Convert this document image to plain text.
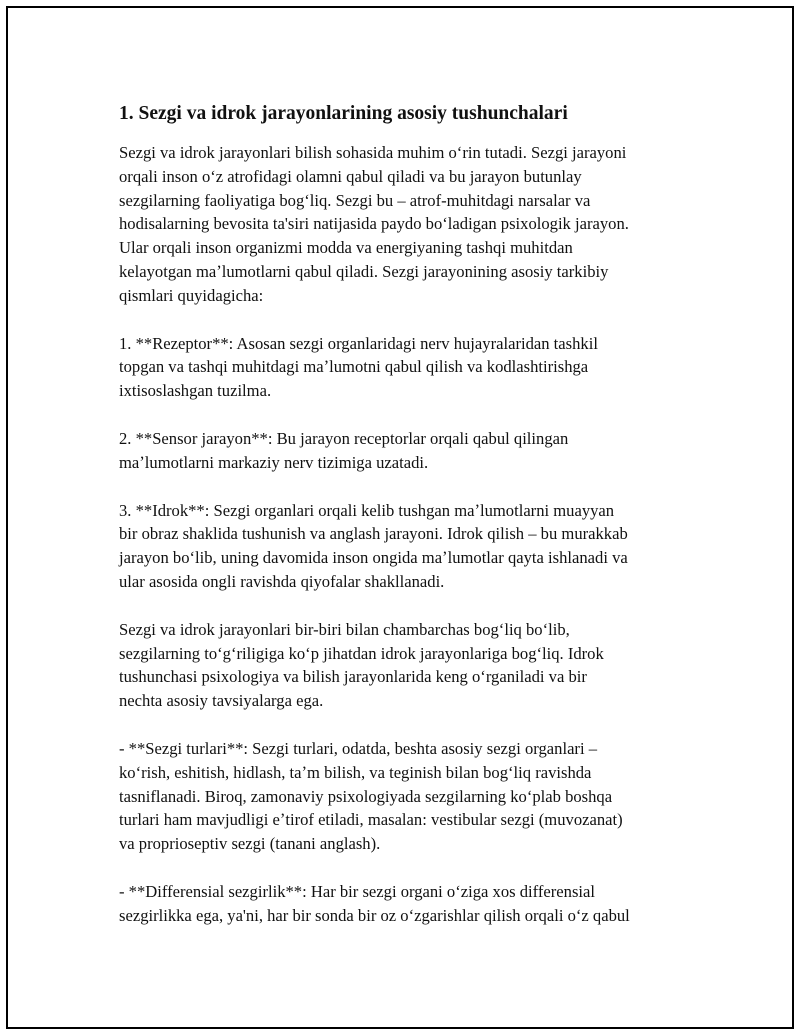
1. Sezgi va idrok jarayonlarining asosiy tushunchalari
Sezgi va idrok jarayonlari bilish sohasida muhim oʻrin tutadi. Sezgi jarayoni
orqali inson oʻz atrofidagi olamni qabul qiladi va bu jarayon butunlay
sezgilarning faoliyatiga bogʻliq. Sezgi bu – atrof-muhitdagi narsalar va
hodisalarning bevosita ta'siri natijasida paydo boʻladigan psixologik jarayon.
Ular orqali inson organizmi modda va energiyaning tashqi muhitdan
kelayotgan maʼlumotlarni qabul qiladi. Sezgi jarayonining asosiy tarkibiy
qismlari quyidagicha:
1. **Rezeptor**: Asosan sezgi organlaridagi nerv hujayralaridan tashkil
topgan va tashqi muhitdagi maʼlumotni qabul qilish va kodlashtirishga
ixtisoslashgan tuzilma.
2. **Sensor jarayon**: Bu jarayon receptorlar orqali qabul qilingan
maʼlumotlarni markaziy nerv tizimiga uzatadi.
3. **Idrok**: Sezgi organlari orqali kelib tushgan maʼlumotlarni muayyan
bir obraz shaklida tushunish va anglash jarayoni. Idrok qilish – bu murakkab
jarayon boʻlib, uning davomida inson ongida maʼlumotlar qayta ishlanadi va
ular asosida ongli ravishda qiyofalar shakllanadi.
Sezgi va idrok jarayonlari bir-biri bilan chambarchas bogʻliq boʻlib,
sezgilarning toʻgʻriligiga koʻp jihatdan idrok jarayonlariga bogʻliq. Idrok
tushunchasi psixologiya va bilish jarayonlarida keng oʻrganiladi va bir
nechta asosiy tavsiyalarga ega.
- **Sezgi turlari**: Sezgi turlari, odatda, beshta asosiy sezgi organlari –
koʻrish, eshitish, hidlash, taʼm bilish, va teginish bilan bogʻliq ravishda
tasniflanadi. Biroq, zamonaviy psixologiyada sezgilarning koʻplab boshqa
turlari ham mavjudligi eʼtirof etiladi, masalan: vestibular sezgi (muvozanat)
va proprioseptiv sezgi (tanani anglash).
- **Differensial sezgirlik**: Har bir sezgi organi oʻziga xos differensial
sezgirlikka ega, ya'ni, har bir sonda bir oz oʻzgarishlar qilish orqali oʻz qabul
